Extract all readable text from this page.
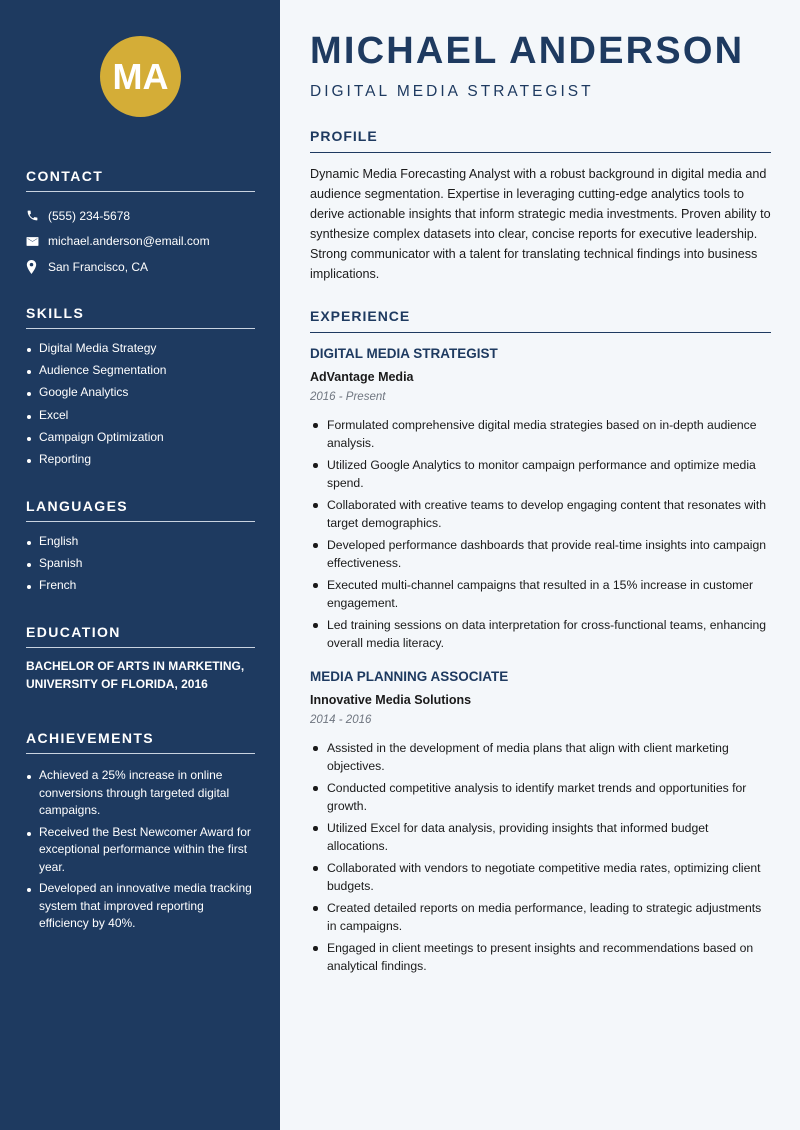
MA
CONTACT
(555) 234-5678
michael.anderson@email.com
San Francisco, CA
SKILLS
Digital Media Strategy
Audience Segmentation
Google Analytics
Excel
Campaign Optimization
Reporting
LANGUAGES
English
Spanish
French
EDUCATION
BACHELOR OF ARTS IN MARKETING,
UNIVERSITY OF FLORIDA, 2016
ACHIEVEMENTS
Achieved a 25% increase in online conversions through targeted digital campaigns.
Received the Best Newcomer Award for exceptional performance within the first year.
Developed an innovative media tracking system that improved reporting efficiency by 40%.
MICHAEL ANDERSON
DIGITAL MEDIA STRATEGIST
PROFILE

Dynamic Media Forecasting Analyst with a robust background in digital media and audience segmentation. Expertise in leveraging cutting-edge analytics tools to derive actionable insights that inform strategic media investments. Proven ability to synthesize complex datasets into clear, concise reports for executive leadership. Strong communicator with a talent for translating technical findings into business implications.

EXPERIENCE
DIGITAL MEDIA STRATEGIST
AdVantage Media
2016 - Present
Formulated comprehensive digital media strategies based on in-depth audience analysis.
Utilized Google Analytics to monitor campaign performance and optimize media spend.
Collaborated with creative teams to develop engaging content that resonates with target demographics.
Developed performance dashboards that provide real-time insights into campaign effectiveness.
Executed multi-channel campaigns that resulted in a 15% increase in customer engagement.
Led training sessions on data interpretation for cross-functional teams, enhancing overall media literacy.
MEDIA PLANNING ASSOCIATE
Innovative Media Solutions
2014 - 2016
Assisted in the development of media plans that align with client marketing objectives.
Conducted competitive analysis to identify market trends and opportunities for growth.
Utilized Excel for data analysis, providing insights that informed budget allocations.
Collaborated with vendors to negotiate competitive media rates, optimizing client budgets.
Created detailed reports on media performance, leading to strategic adjustments in campaigns.
Engaged in client meetings to present insights and recommendations based on analytical findings.
